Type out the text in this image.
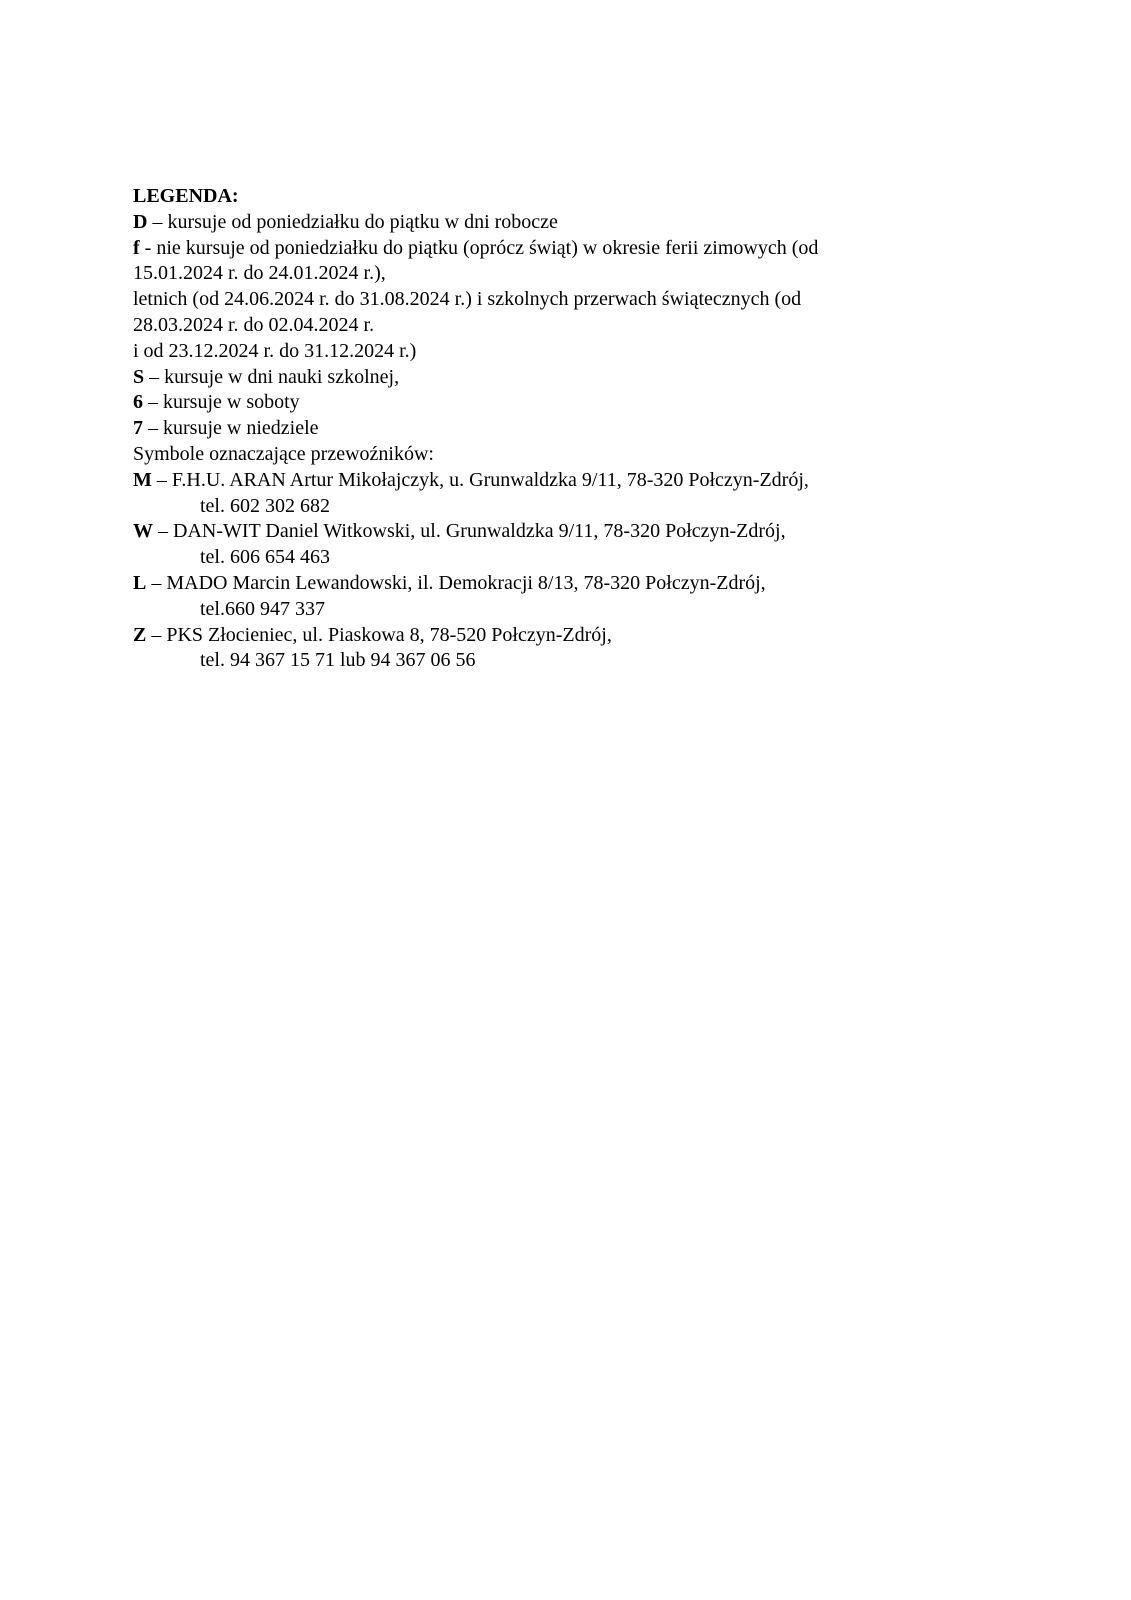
LEGENDA:
D – kursuje od poniedziałku do piątku w dni robocze
f - nie kursuje od poniedziałku do piątku (oprócz świąt) w okresie ferii zimowych (od
15.01.2024 r. do 24.01.2024 r.),
letnich (od 24.06.2024 r. do 31.08.2024 r.) i szkolnych przerwach świątecznych (od
28.03.2024 r. do 02.04.2024 r.
i od 23.12.2024 r. do 31.12.2024 r.)
S – kursuje w dni nauki szkolnej,
6 – kursuje w soboty
7 – kursuje w niedziele
Symbole oznaczające przewoźników:
M – F.H.U. ARAN Artur Mikołajczyk, u. Grunwaldzka 9/11, 78-320 Połczyn-Zdrój,
tel. 602 302 682
W – DAN-WIT Daniel Witkowski, ul. Grunwaldzka 9/11, 78-320 Połczyn-Zdrój,
tel. 606 654 463
L – MADO Marcin Lewandowski, il. Demokracji 8/13, 78-320 Połczyn-Zdrój,
tel.660 947 337
Z – PKS Złocieniec, ul. Piaskowa 8, 78-520 Połczyn-Zdrój,
tel. 94 367 15 71 lub 94 367 06 56
